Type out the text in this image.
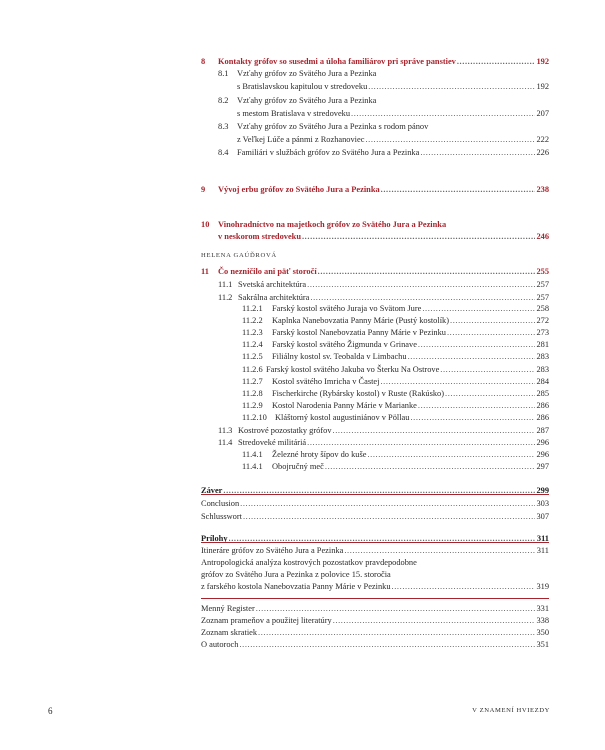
8	Kontakty grófov so susedmi a úloha familiárov pri správe panstiev .....	192
8.1	Vzťahy grófov zo Svätého Jura a Pezinka
s Bratislavskou kapitulou v stredoveku .....	192
8.2	Vzťahy grófov zo Svätého Jura a Pezinka
s mestom Bratislava v stredoveku .....	207
8.3	Vzťahy grófov zo Svätého Jura a Pezinka s rodom pánov
z Veľkej Lúče a pánmi z Rozhanoviec .....	222
8.4	Familiári v službách grófov zo Svätého Jura a Pezinka .....	226
9	Vývoj erbu grófov zo Svätého Jura a Pezinka .....	238
10	Vinohradníctvo na majetkoch grófov zo Svätého Jura a Pezinka
v neskorom stredoveku .....	246
11	Čo nezničilo ani päť storočí .....	255
11.1 Svetská architektúra .....	257
11.2 Sakrálna architektúra .....	257
11.2.1	Farský kostol svätého Juraja vo Svätom Jure .....	258
11.2.2	Kaplnka Nanebovzatia Panny Márie (Pustý kostolík) .....	272
11.2.3	Farský kostol Nanebovzatia Panny Márie v Pezinku .....	273
11.2.4	Farský kostol svätého Žigmunda v Grinave .....	281
11.2.5	Filiálny kostol sv. Teobalda v Limbachu .....	283
11.2.6 Farský kostol svätého Jakuba vo Šterku Na Ostrove .....	283
11.2.7	Kostol svätého Imricha v Častej .....	284
11.2.8	Fischerkirche (Rybársky kostol) v Ruste (Rakúsko) .....	285
11.2.9	Kostol Narodenia Panny Márie v Marianke .....	286
11.2.10 Kláštorný kostol augustiniánov v Pöllau .....	286
11.3 Kostrové pozostatky grófov .....	287
11.4 Stredoveké militáriá .....	296
11.4.1	Železné hroty šípov do kuše .....	296
11.4.1	Obojručný meč .....	297
Záver .....	299
Conclusion .....	303
Schlusswort .....	307
Prílohy .....	311
Itineráre grófov zo Svätého Jura a Pezinka .....	311
Antropologická analýza kostrových pozostatkov pravdepodobne
grófov zo Svätého Jura a Pezinka z polovice 15. storočia
z farského kostola Nanebovzatia Panny Márie v Pezinku .....	319
Menný Register .....	331
Zoznam prameňov a použitej literatúry .....	338
Zoznam skratiek .....	350
O autoroch .....	351
HELENA GAÚĎROVÁ
6	V ZNAMENÍ HVIEZDY
